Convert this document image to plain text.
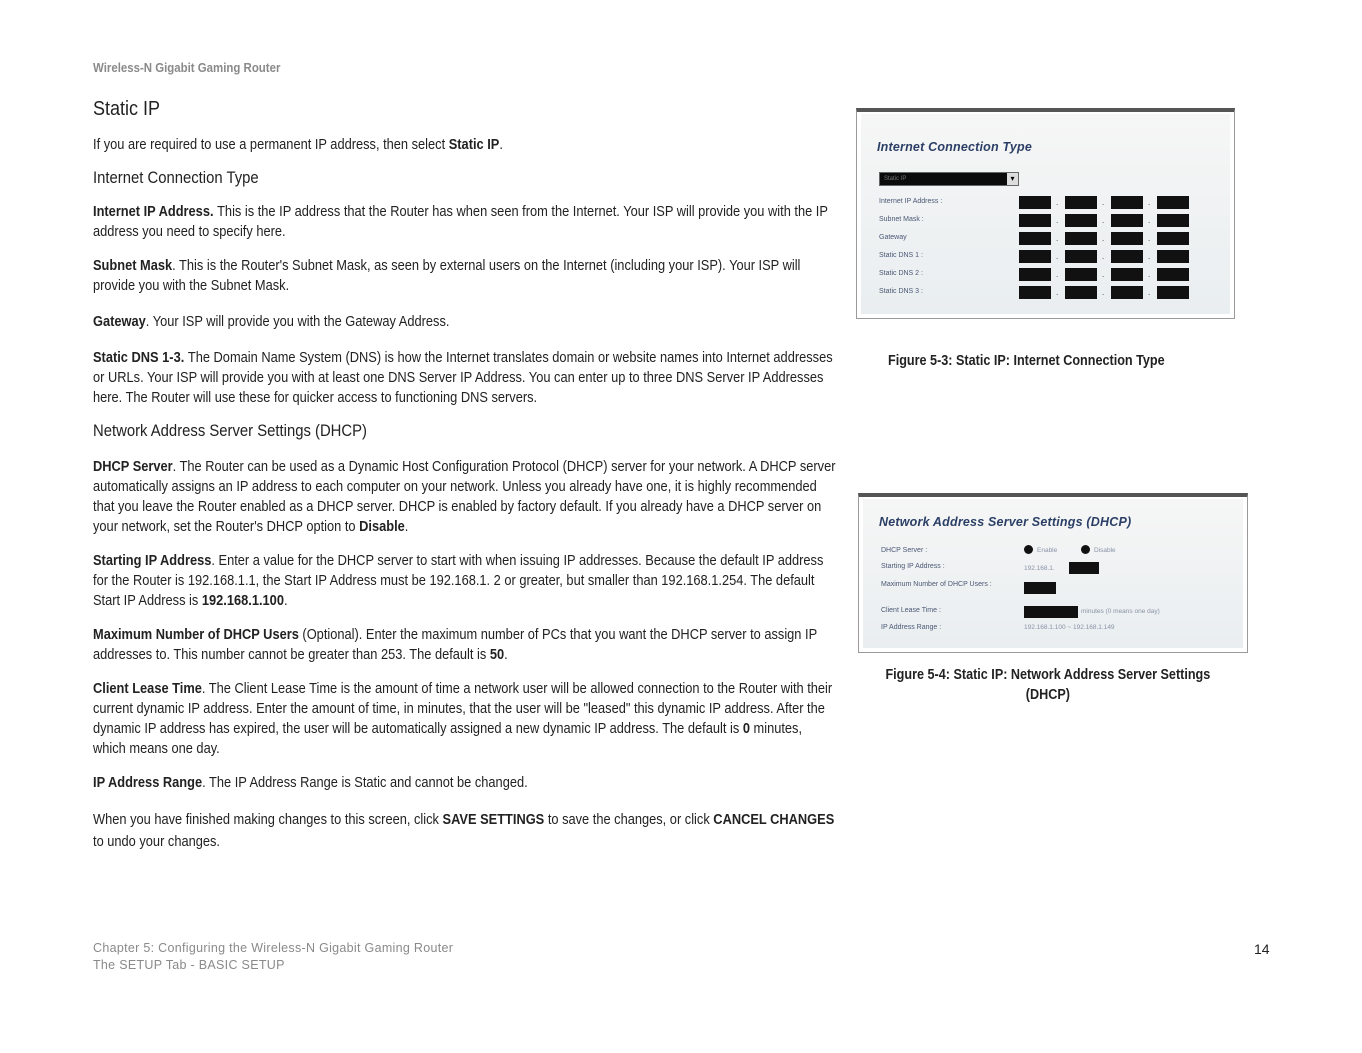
Wireless-N Gigabit Gaming Router
Static IP

If you are required to use a permanent IP address, then select Static IP.

Internet Connection Type

Internet IP Address. This is the IP address that the Router has when seen from the Internet. Your ISP will provide you with the IP address you need to specify here.

Subnet Mask. This is the Router's Subnet Mask, as seen by external users on the Internet (including your ISP). Your ISP will provide you with the Subnet Mask.

Gateway. Your ISP will provide you with the Gateway Address.

Static DNS 1-3. The Domain Name System (DNS) is how the Internet translates domain or website names into Internet addresses or URLs. Your ISP will provide you with at least one DNS Server IP Address. You can enter up to three DNS Server IP Addresses here. The Router will use these for quicker access to functioning DNS servers.

Network Address Server Settings (DHCP)

DHCP Server. The Router can be used as a Dynamic Host Configuration Protocol (DHCP) server for your network. A DHCP server automatically assigns an IP address to each computer on your network. Unless you already have one, it is highly recommended that you leave the Router enabled as a DHCP server. DHCP is enabled by factory default. If you already have a DHCP server on your network, set the Router's DHCP option to Disable.

Starting IP Address. Enter a value for the DHCP server to start with when issuing IP addresses. Because the default IP address for the Router is 192.168.1.1, the Start IP Address must be 192.168.1. 2 or greater, but smaller than 192.168.1.254. The default Start IP Address is 192.168.1.100.

Maximum Number of DHCP Users (Optional). Enter the maximum number of PCs that you want the DHCP server to assign IP addresses to. This number cannot be greater than 253. The default is 50.

Client Lease Time. The Client Lease Time is the amount of time a network user will be allowed connection to the Router with their current dynamic IP address. Enter the amount of time, in minutes, that the user will be "leased" this dynamic IP address. After the dynamic IP address has expired, the user will be automatically assigned a new dynamic IP address. The default is 0 minutes, which means one day.

IP Address Range. The IP Address Range is Static and cannot be changed.

When you have finished making changes to this screen, click SAVE SETTINGS to save the changes, or click CANCEL CHANGES to undo your changes.

Internet Connection Type
Static IP	▾
Internet IP Address :	.	.	.
Subnet Mask :	.	.	.
Gateway	.	.	.
Static DNS 1 :	.	.	.
Static DNS 2 :	.	.	.
Static DNS 3 :	.	.	.
Figure 5-3: Static IP: Internet Connection Type
Network Address Server Settings (DHCP)
DHCP Server :	Enable	Disable
Starting IP Address :	192.168.1.
Maximum Number of DHCP Users :
Client Lease Time :	minutes (0 means one day)
IP Address Range :	192.168.1.100 ~ 192.168.1.149
Figure 5-4: Static IP: Network Address Server Settings
(DHCP)
Chapter 5: Configuring the Wireless-N Gigabit Gaming Router
The SETUP Tab - BASIC SETUP
14
